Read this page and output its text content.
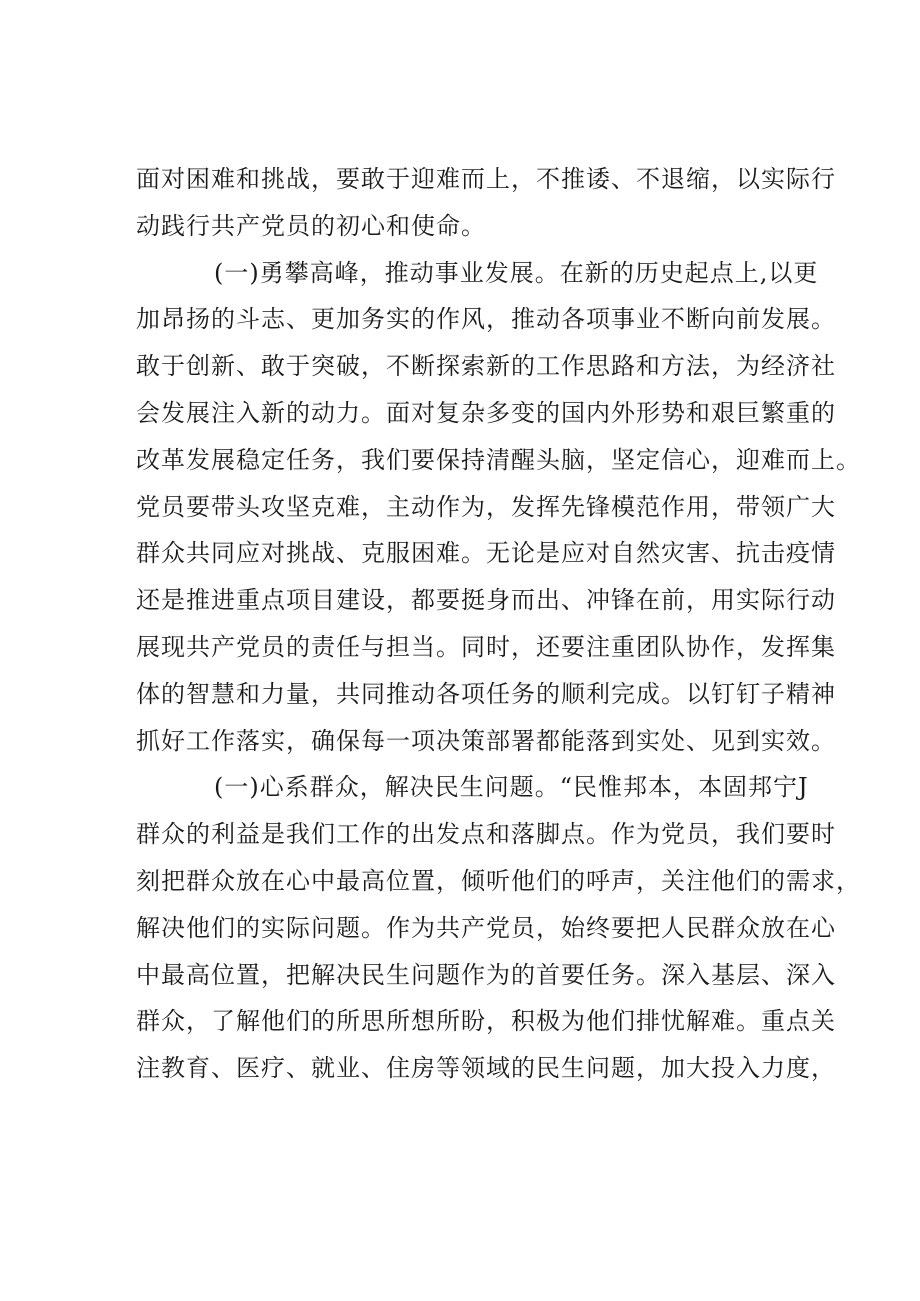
面对困难和挑战，要敢于迎难而上，不推诿、不退缩，以实际行
动践行共产党员的初心和使命。
(一)勇攀高峰，推动事业发展。在新的历史起点上,以更
加昂扬的斗志、更加务实的作风，推动各项事业不断向前发展。
敢于创新、敢于突破，不断探索新的工作思路和方法，为经济社
会发展注入新的动力。面对复杂多变的国内外形势和艰巨繁重的
改革发展稳定任务，我们要保持清醒头脑，坚定信心，迎难而上。
党员要带头攻坚克难，主动作为，发挥先锋模范作用，带领广大
群众共同应对挑战、克服困难。无论是应对自然灾害、抗击疫情
还是推进重点项目建设，都要挺身而出、冲锋在前，用实际行动
展现共产党员的责任与担当。同时，还要注重团队协作，发挥集
体的智慧和力量，共同推动各项任务的顺利完成。以钉钉子精神
抓好工作落实，确保每一项决策部署都能落到实处、见到实效。
(一)心系群众，解决民生问题。“民惟邦本，本固邦宁J
群众的利益是我们工作的出发点和落脚点。作为党员，我们要时
刻把群众放在心中最高位置，倾听他们的呼声，关注他们的需求，
解决他们的实际问题。作为共产党员，始终要把人民群众放在心
中最高位置，把解决民生问题作为的首要任务。深入基层、深入
群众，了解他们的所思所想所盼，积极为他们排忧解难。重点关
注教育、医疗、就业、住房等领域的民生问题，加大投入力度，
